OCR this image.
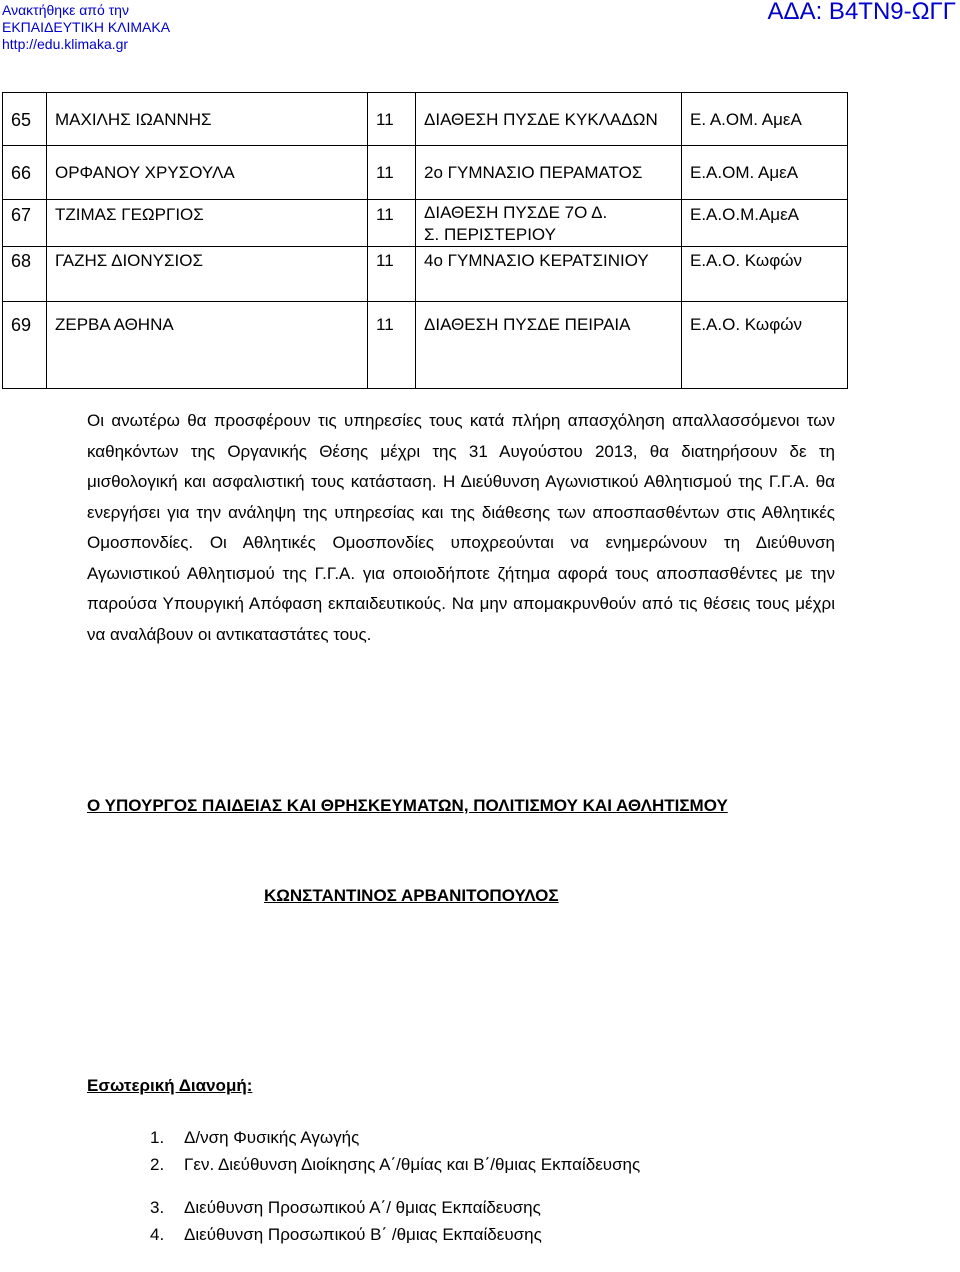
Ανακτήθηκε από την
ΕΚΠΑΙΔΕΥΤΙΚΗ ΚΛΙΜΑΚΑ
http://edu.klimaka.gr
ΑΔΑ: Β4ΤΝ9-ΩΓΓ
65	ΜΑΧΙΛΗΣ ΙΩΑΝΝΗΣ	11	ΔΙΑΘΕΣΗ ΠΥΣΔΕ ΚΥΚΛΑΔΩΝ	Ε. Α.ΟΜ. ΑμεΑ

66	ΟΡΦΑΝΟΥ ΧΡΥΣΟΥΛΑ	11	2ο ΓΥΜΝΑΣΙΟ ΠΕΡΑΜΑΤΟΣ	Ε.Α.ΟΜ. ΑμεΑ

67	ΤΖΙΜΑΣ ΓΕΩΡΓΙΟΣ	11	ΔΙΑΘΕΣΗ ΠΥΣΔΕ 7Ο Δ. Σ. ΠΕΡΙΣΤΕΡΙΟΥ	Ε.Α.Ο.Μ.ΑμεΑ

68	ΓΑΖΗΣ ΔΙΟΝΥΣΙΟΣ	11	4ο ΓΥΜΝΑΣΙΟ ΚΕΡΑΤΣΙΝΙΟΥ	Ε.Α.Ο. Κωφών

69	ΖΕΡΒΑ ΑΘΗΝΑ	11	ΔΙΑΘΕΣΗ ΠΥΣΔΕ ΠΕΙΡΑΙΑ	Ε.Α.Ο. Κωφών

Οι ανωτέρω θα προσφέρουν τις υπηρεσίες τους κατά πλήρη απασχόληση απαλλασσόμενοι των καθηκόντων της Οργανικής Θέσης μέχρι της 31 Αυγούστου 2013, θα διατηρήσουν δε τη μισθολογική και ασφαλιστική τους κατάσταση. Η Διεύθυνση Αγωνιστικού Αθλητισμού της Γ.Γ.Α. θα ενεργήσει για την ανάληψη της υπηρεσίας και της διάθεσης των αποσπασθέντων στις Αθλητικές Ομοσπονδίες. Οι Αθλητικές Ομοσπονδίες υποχρεούνται να ενημερώνουν τη Διεύθυνση Αγωνιστικού Αθλητισμού της Γ.Γ.Α. για οποιοδήποτε ζήτημα αφορά τους αποσπασθέντες με την παρούσα Υπουργική Απόφαση εκπαιδευτικούς. Να μην απομακρυνθούν από τις θέσεις τους μέχρι να αναλάβουν οι αντικαταστάτες τους.

Ο ΥΠΟΥΡΓΟΣ ΠΑΙΔΕΙΑΣ ΚΑΙ ΘΡΗΣΚΕΥΜΑΤΩΝ, ΠΟΛΙΤΙΣΜΟΥ ΚΑΙ ΑΘΛΗΤΙΣΜΟΥ

ΚΩΝΣΤΑΝΤΙΝΟΣ ΑΡΒΑΝΙΤΟΠΟΥΛΟΣ

Εσωτερική Διανομή:

1. Δ/νση Φυσικής Αγωγής
2. Γεν. Διεύθυνση Διοίκησης Α΄/θμίας και Β΄/θμιας Εκπαίδευσης
3. Διεύθυνση Προσωπικού Α΄/ θμιας Εκπαίδευσης
4. Διεύθυνση Προσωπικού Β΄ /θμιας Εκπαίδευσης
